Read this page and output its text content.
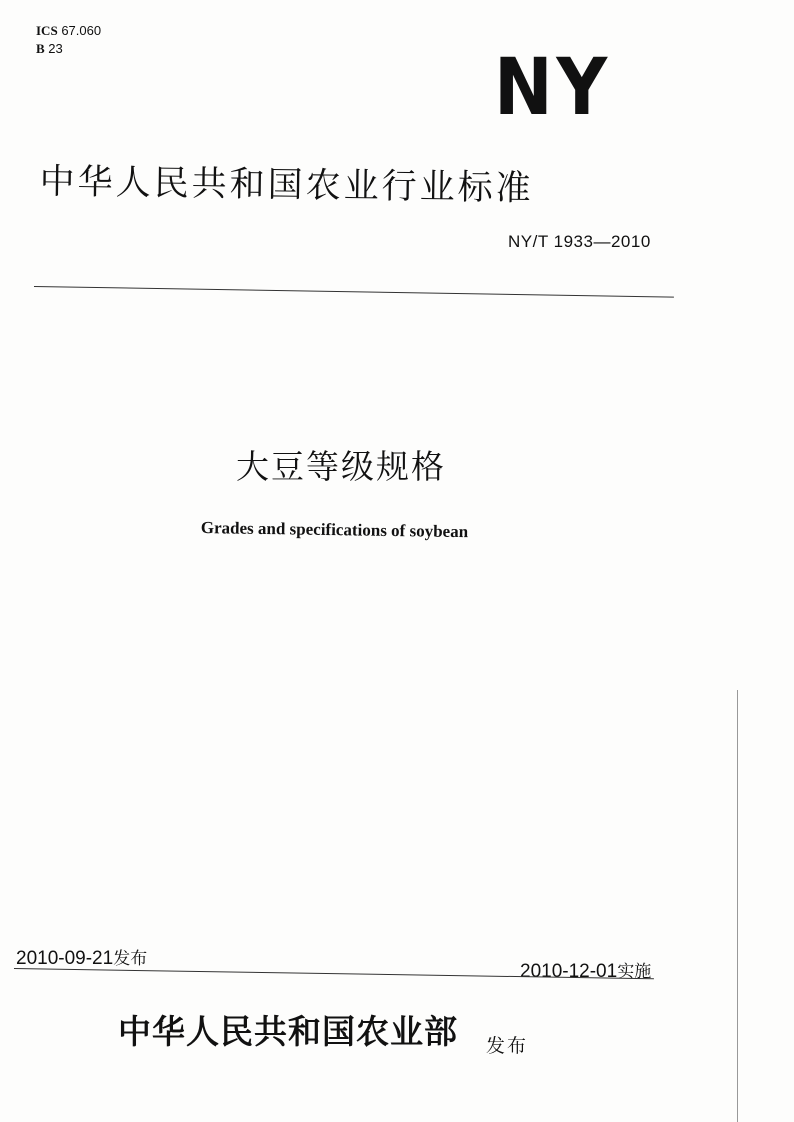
ICS 67.060
B 23	NY
中华人民共和国农业行业标准
NY/T 1933—2010
大豆等级规格
Grades and specifications of soybean
2010-09-21发布
2010-12-01实施
中华人民共和国农业部 发布
